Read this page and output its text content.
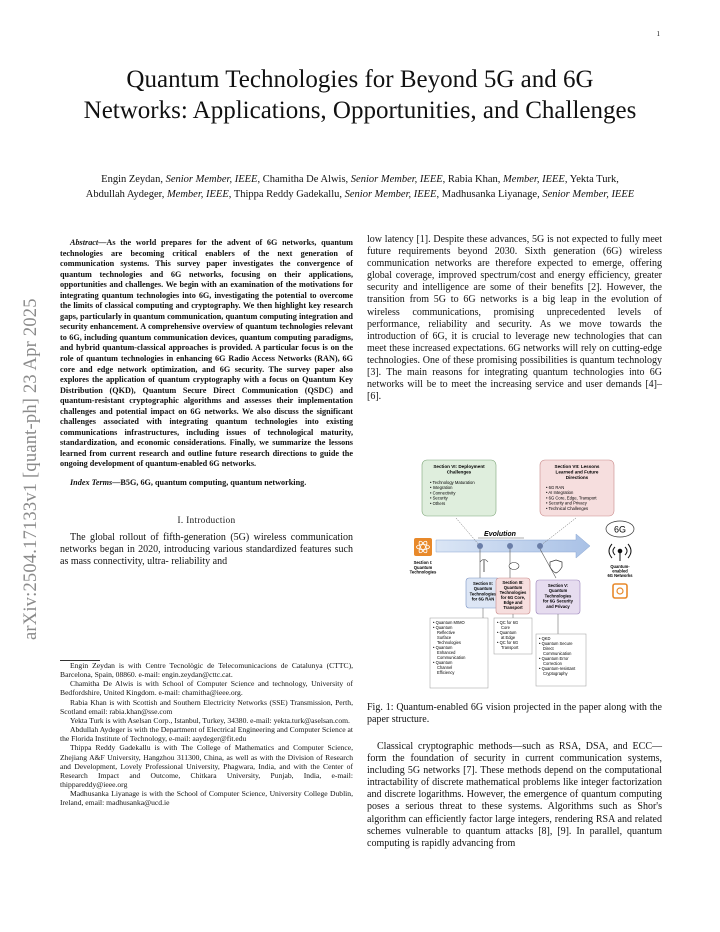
1
arXiv:2504.17133v1 [quant-ph] 23 Apr 2025
Quantum Technologies for Beyond 5G and 6G Networks: Applications, Opportunities, and Challenges
Engin Zeydan, Senior Member, IEEE, Chamitha De Alwis, Senior Member, IEEE, Rabia Khan, Member, IEEE, Yekta Turk,
Abdullah Aydeger, Member, IEEE, Thippa Reddy Gadekallu, Senior Member, IEEE, Madhusanka Liyanage, Senior Member, IEEE

Abstract—As the world prepares for the advent of 6G networks, quantum technologies are becoming critical enablers of the next generation of communication systems. This survey paper investigates the convergence of quantum technologies and 6G networks, focusing on their applications, opportunities and challenges. We begin with an examination of the motivations for integrating quantum technologies into 6G, investigating the potential to overcome the limits of classical computing and cryptography. We then highlight key research gaps, particularly in quantum communication, quantum computing integration and security enhancement. A comprehensive overview of quantum technologies relevant to 6G, including quantum communication devices, quantum computing paradigms, and hybrid quantum-classical approaches is provided. A particular focus is on the role of quantum technologies in enhancing 6G Radio Access Networks (RAN), 6G core and edge network optimization, and 6G security. The survey paper also explores the application of quantum cryptography with a focus on Quantum Key Distribution (QKD), Quantum Secure Direct Communication (QSDC) and quantum-resistant cryptographic algorithms and assesses their implementation challenges and potential impact on 6G networks. We also discuss the significant challenges associated with integrating quantum technologies into existing communications infrastructures, including issues of technological maturity, standardization, and economic considerations. Finally, we summarize the lessons learned from current research and outline future research directions to guide the ongoing development of quantum-enabled 6G networks.

Index Terms—B5G, 6G, quantum computing, quantum networking.

I. Introduction

The global rollout of fifth-generation (5G) wireless communication networks began in 2020, introducing various standardized features such as mass connectivity, ultra- reliability and

Engin Zeydan is with Centre Tecnològic de Telecomunicacions de Catalunya (CTTC), Barcelona, Spain, 08860. e-mail: engin.zeydan@cttc.cat.

Chamitha De Alwis is with School of Computer Science and technology, University of Bedfordshire, United Kingdom. e-mail: chamitha@ieee.org.

Rabia Khan is with Scottish and Southern Electricity Networks (SSE) Transmission, Perth, Scotland email: rabia.khan@sse.com

Yekta Turk is with Aselsan Corp., Istanbul, Turkey, 34380. e-mail: yekta.turk@aselsan.com.

Abdullah Aydeger is with the Department of Electrical Engineering and Computer Science at the Florida Institute of Technology, e-mail: aaydeger@fit.edu

Thippa Reddy Gadekallu is with The College of Mathematics and Computer Science, Zhejiang A&F University, Hangzhou 311300, China, as well as with the Division of Research and Development, Lovely Professional University, Phagwara, India, and with the Center of Research Impact and Outcome, Chitkara University, Punjab, India, e-mail: thippareddy@ieee.org

Madhusanka Liyanage is with the School of Computer Science, University College Dublin, Ireland, email: madhusanka@ucd.ie

low latency [1]. Despite these advances, 5G is not expected to fully meet future requirements beyond 2030. Sixth generation (6G) wireless communication networks are therefore expected to emerge, offering global coverage, improved spectrum/cost and energy efficiency, greater security and intelligence are some of their benefits [2]. However, the transition from 5G to 6G networks is a big leap in the evolution of wireless communications, promising unprecedented levels of performance, reliability and security. As we move towards the introduction of 6G, it is crucial to leverage new technologies that can meet these increased expectations. 6G networks will rely on cutting-edge technologies. One of these promising possibilities is quantum technology [3]. The main reasons for integrating quantum technologies into 6G networks will be to meet the increasing service and user demands [4]–[6].

Section VI: Deployment
Challenges
• Technology Maturation
• Integration
• Connectivity
• Security
• Others
Section VII: Lessons
Learned and Future
Directions
• 6G RAN
• AI Integration
• 6G Core, Edge, Transport
• Security and Privacy
• Technical Challenges
Evolution
Section I:
Quantum
Technologies
6G
Quantum-
enabled
6G Networks
Section II:
Quantum
Technologies
for 6G RAN
Section III:
Quantum
Technologies
for 6G Core,
Edge and
Transport
Section V:
Quantum
Technologies
for 6G Security
and Privacy
• Quantum MIMO
• Quantum Reflective Surface Technologies
• Quantum Enhanced Communication
• Quantum Channel Efficiency
• QC for 6G Core
• Quantum at Edge
• QC for 6G Transport
• QKD
• Quantum Secure Direct Communication
• Quantum Error Correction
• Quantum-resistant Cryptography
Fig. 1: Quantum-enabled 6G vision projected in the paper along with the paper structure.

Classical cryptographic methods—such as RSA, DSA, and ECC—form the foundation of security in current communication systems, including 5G networks [7]. These methods depend on the computational intractability of discrete mathematical problems like integer factorization and discrete logarithms. However, the emergence of quantum computing poses a serious threat to these systems. Algorithms such as Shor's algorithm can efficiently factor large integers, rendering RSA and related schemes vulnerable to quantum attacks [8], [9]. In parallel, quantum computing is rapidly advancing from
